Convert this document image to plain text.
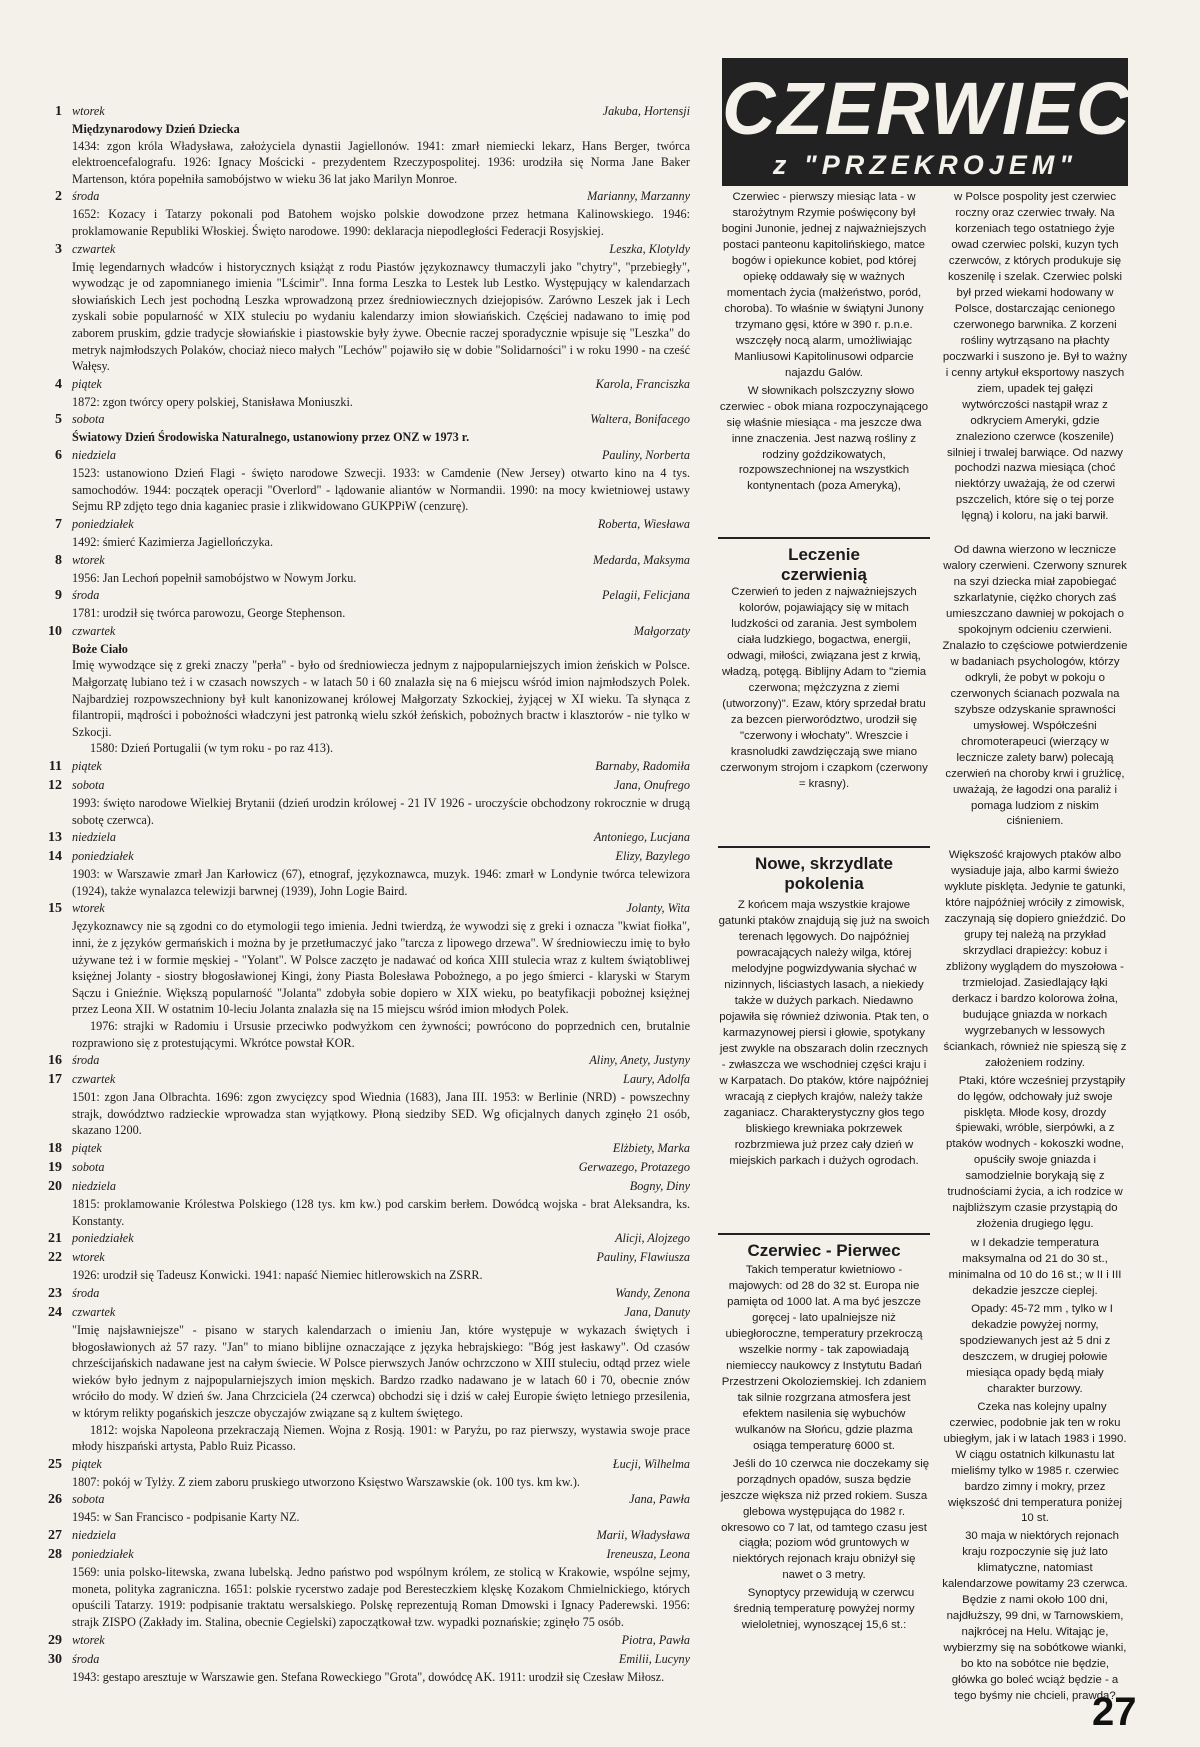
1 wtorek	Jakuba, Hortensji
Międzynarodowy Dzień Dziecka

1434: zgon króla Władysława, założyciela dynastii Jagiellonów. 1941: zmarł niemiecki lekarz, Hans Berger, twórca elektroencefalografu. 1926: Ignacy Mościcki - prezydentem Rzeczypospolitej. 1936: urodziła się Norma Jane Baker Martenson, która popełniła samobójstwo w wieku 36 lat jako Marilyn Monroe.

2 środa	Marianny, Marzanny

1652: Kozacy i Tatarzy pokonali pod Batohem wojsko polskie dowodzone przez hetmana Kalinowskiego. 1946: proklamowanie Republiki Włoskiej. Święto narodowe. 1990: deklaracja niepodległości Federacji Rosyjskiej.

3 czwartek	Leszka, Klotyldy

Imię legendarnych władców i historycznych książąt z rodu Piastów językoznawcy tłumaczyli jako "chytry", "przebiegły", wywodząc je od zapomnianego imienia "Lścimir". Inna forma Leszka to Lestek lub Lestko. Występujący w kalendarzach słowiańskich Lech jest pochodną Leszka wprowadzoną przez średniowiecznych dziejopisów. Zarówno Leszek jak i Lech zyskali sobie popularność w XIX stuleciu po wydaniu kalendarzy imion słowiańskich. Częściej nadawano to imię pod zaborem pruskim, gdzie tradycje słowiańskie i piastowskie były żywe. Obecnie raczej sporadycznie wpisuje się "Leszka" do metryk najmłodszych Polaków, chociaż nieco małych "Lechów" pojawiło się w dobie "Solidarności" i w roku 1990 - na cześć Wałęsy.

4 piątek	Karola, Franciszka

1872: zgon twórcy opery polskiej, Stanisława Moniuszki.

5 sobota	Waltera, Bonifacego
Światowy Dzień Środowiska Naturalnego, ustanowiony przez ONZ w 1973 r.
6 niedziela	Pauliny, Norberta

1523: ustanowiono Dzień Flagi - święto narodowe Szwecji. 1933: w Camdenie (New Jersey) otwarto kino na 4 tys. samochodów. 1944: początek operacji "Overlord" - lądowanie aliantów w Normandii. 1990: na mocy kwietniowej ustawy Sejmu RP zdjęto tego dnia kaganiec prasie i zlikwidowano GUKPPiW (cenzurę).

7 poniedziałek	Roberta, Wiesława

1492: śmierć Kazimierza Jagiellończyka.

8 wtorek	Medarda, Maksyma

1956: Jan Lechoń popełnił samobójstwo w Nowym Jorku.

9 środa	Pelagii, Felicjana

1781: urodził się twórca parowozu, George Stephenson.

10 czwartek	Małgorzaty
Boże Ciało

Imię wywodzące się z greki znaczy "perła" - było od średniowiecza jednym z najpopularniejszych imion żeńskich w Polsce. Małgorzatę lubiano też i w czasach nowszych - w latach 50 i 60 znalazła się na 6 miejscu wśród imion najmłodszych Polek. Najbardziej rozpowszechniony był kult kanonizowanej królowej Małgorzaty Szkockiej, żyjącej w XI wieku. Ta słynąca z filantropii, mądrości i pobożności władczyni jest patronką wielu szkół żeńskich, pobożnych bractw i klasztorów - nie tylko w Szkocji.

1580: Dzień Portugalii (w tym roku - po raz 413).

11 piątek	Barnaby, Radomiła
12 sobota	Jana, Onufrego

1993: święto narodowe Wielkiej Brytanii (dzień urodzin królowej - 21 IV 1926 - uroczyście obchodzony rokrocznie w drugą sobotę czerwca).

13 niedziela	Antoniego, Lucjana
14 poniedziałek	Elizy, Bazylego

1903: w Warszawie zmarł Jan Karłowicz (67), etnograf, językoznawca, muzyk. 1946: zmarł w Londynie twórca telewizora (1924), także wynalazca telewizji barwnej (1939), John Logie Baird.

15 wtorek	Jolanty, Wita

Językoznawcy nie są zgodni co do etymologii tego imienia. Jedni twierdzą, że wywodzi się z greki i oznacza "kwiat fiołka", inni, że z języków germańskich i można by je przetłumaczyć jako "tarcza z lipowego drzewa". W średniowieczu imię to było używane też i w formie męskiej - "Yolant". W Polsce zaczęto je nadawać od końca XIII stulecia wraz z kultem świątobliwej księżnej Jolanty - siostry błogosławionej Kingi, żony Piasta Bolesława Pobożnego, a po jego śmierci - klaryski w Starym Sączu i Gnieźnie. Większą popularność "Jolanta" zdobyła sobie dopiero w XIX wieku, po beatyfikacji pobożnej księżnej przez Leona XII. W ostatnim 10-leciu Jolanta znalazła się na 15 miejscu wśród imion młodych Polek.

1976: strajki w Radomiu i Ursusie przeciwko podwyżkom cen żywności; powrócono do poprzednich cen, brutalnie rozprawiono się z protestującymi. Wkrótce powstał KOR.

16 środa	Aliny, Anety, Justyny
17 czwartek	Laury, Adolfa

1501: zgon Jana Olbrachta. 1696: zgon zwycięzcy spod Wiednia (1683), Jana III. 1953: w Berlinie (NRD) - powszechny strajk, dowództwo radzieckie wprowadza stan wyjątkowy. Płoną siedziby SED. Wg oficjalnych danych zginęło 21 osób, skazano 1200.

18 piątek	Elżbiety, Marka
19 sobota	Gerwazego, Protazego
20 niedziela	Bogny, Diny

1815: proklamowanie Królestwa Polskiego (128 tys. km kw.) pod carskim berłem. Dowódcą wojska - brat Aleksandra, ks. Konstanty.

21 poniedziałek	Alicji, Alojzego
22 wtorek	Pauliny, Flawiusza

1926: urodził się Tadeusz Konwicki. 1941: napaść Niemiec hitlerowskich na ZSRR.

23 środa	Wandy, Zenona
24 czwartek	Jana, Danuty

"Imię najsławniejsze" - pisano w starych kalendarzach o imieniu Jan, które występuje w wykazach świętych i błogosławionych aż 57 razy. "Jan" to miano biblijne oznaczające z języka hebrajskiego: "Bóg jest łaskawy". Od czasów chrześcijańskich nadawane jest na całym świecie. W Polsce pierwszych Janów ochrzczono w XIII stuleciu, odtąd przez wiele wieków było jednym z najpopularniejszych imion męskich. Bardzo rzadko nadawano je w latach 60 i 70, obecnie znów wróciło do mody. W dzień św. Jana Chrzciciela (24 czerwca) obchodzi się i dziś w całej Europie święto letniego przesilenia, w którym relikty pogańskich jeszcze obyczajów związane są z kultem świętego.

1812: wojska Napoleona przekraczają Niemen. Wojna z Rosją. 1901: w Paryżu, po raz pierwszy, wystawia swoje prace młody hiszpański artysta, Pablo Ruiz Picasso.

25 piątek	Łucji, Wilhelma

1807: pokój w Tylży. Z ziem zaboru pruskiego utworzono Księstwo Warszawskie (ok. 100 tys. km kw.).

26 sobota	Jana, Pawła

1945: w San Francisco - podpisanie Karty NZ.

27 niedziela	Marii, Władysława
28 poniedziałek	Ireneusza, Leona

1569: unia polsko-litewska, zwana lubelską. Jedno państwo pod wspólnym królem, ze stolicą w Krakowie, wspólne sejmy, moneta, polityka zagraniczna. 1651: polskie rycerstwo zadaje pod Beresteczkiem klęskę Kozakom Chmielnickiego, których opuścili Tatarzy. 1919: podpisanie traktatu wersalskiego. Polskę reprezentują Roman Dmowski i Ignacy Paderewski. 1956: strajk ZISPO (Zakłady im. Stalina, obecnie Cegielski) zapoczątkował tzw. wypadki poznańskie; zginęło 75 osób.

29 wtorek	Piotra, Pawła
30 środa	Emilii, Lucyny

1943: gestapo aresztuje w Warszawie gen. Stefana Roweckiego "Grota", dowódcę AK. 1911: urodził się Czesław Miłosz.

CZERWIEC
z "PRZEKROJEM"

Czerwiec - pierwszy miesiąc lata - w starożytnym Rzymie poświęcony był bogini Junonie, jednej z najważniejszych postaci panteonu kapitolińskiego, matce bogów i opiekunce kobiet, pod której opiekę oddawały się w ważnych momentach życia (małżeństwo, poród, choroba). To właśnie w świątyni Junony trzymano gęsi, które w 390 r. p.n.e. wszczęły nocą alarm, umożliwiając Manliusowi Kapitolinusowi odparcie najazdu Galów.

W słownikach polszczyzny słowo czerwiec - obok miana rozpoczynającego się właśnie miesiąca - ma jeszcze dwa inne znaczenia. Jest nazwą rośliny z rodziny goździkowatych, rozpowszechnionej na wszystkich kontynentach (poza Ameryką),

w Polsce pospolity jest czerwiec roczny oraz czerwiec trwały. Na korzeniach tego ostatniego żyje owad czerwiec polski, kuzyn tych czerwców, z których produkuje się koszenilę i szelak. Czerwiec polski był przed wiekami hodowany w Polsce, dostarczając cenionego czerwonego barwnika. Z korzeni rośliny wytrząsano na płachty poczwarki i suszono je. Był to ważny i cenny artykuł eksportowy naszych ziem, upadek tej gałęzi wytwórczości nastąpił wraz z odkryciem Ameryki, gdzie znaleziono czerwce (koszenile) silniej i trwalej barwiące. Od nazwy pochodzi nazwa miesiąca (choć niektórzy uważają, że od czerwi pszczelich, które się o tej porze lęgną) i koloru, na jaki barwił.

Leczenie
czerwienią

Czerwień to jeden z najważniejszych kolorów, pojawiający się w mitach ludzkości od zarania. Jest symbolem ciała ludzkiego, bogactwa, energii, odwagi, miłości, związana jest z krwią, władzą, potęgą. Biblijny Adam to "ziemia czerwona; mężczyzna z ziemi (utworzony)". Ezaw, który sprzedał bratu za bezcen pierworództwo, urodził się "czerwony i włochaty". Wreszcie i krasnoludki zawdzięczają swe miano czerwonym strojom i czapkom (czerwony = krasny).

Od dawna wierzono w lecznicze walory czerwieni. Czerwony sznurek na szyi dziecka miał zapobiegać szkarlatynie, ciężko chorych zaś umieszczano dawniej w pokojach o spokojnym odcieniu czerwieni. Znalazło to częściowe potwierdzenie w badaniach psychologów, którzy odkryli, że pobyt w pokoju o czerwonych ścianach pozwala na szybsze odzyskanie sprawności umysłowej. Współcześni chromoterapeuci (wierzący w lecznicze zalety barw) polecają czerwień na choroby krwi i grużlicę, uważają, że łagodzi ona paraliż i pomaga ludziom z niskim ciśnieniem.

Nowe, skrzydlate
pokolenia

Z końcem maja wszystkie krajowe gatunki ptaków znajdują się już na swoich terenach lęgowych. Do najpóźniej powracających należy wilga, której melodyjne pogwizdywania słychać w nizinnych, liściastych lasach, a niekiedy także w dużych parkach. Niedawno pojawiła się również dziwonia. Ptak ten, o karmazynowej piersi i głowie, spotykany jest zwykle na obszarach dolin rzecznych - zwłaszcza we wschodniej części kraju i w Karpatach. Do ptaków, które najpóźniej wracają z ciepłych krajów, należy także zaganiacz. Charakterystyczny głos tego bliskiego krewniaka pokrzewek rozbrzmiewa już przez cały dzień w miejskich parkach i dużych ogrodach.

Większość krajowych ptaków albo wysiaduje jaja, albo karmi świeżo wyklute pisklęta. Jedynie te gatunki, które najpóźniej wróciły z zimowisk, zaczynają się dopiero gnieździć. Do grupy tej należą na przykład skrzydlaci drapieżcy: kobuz i zbliżony wyglądem do myszołowa - trzmielojad. Zasiedlający łąki derkacz i bardzo kolorowa żołna, budujące gniazda w norkach wygrzebanych w lessowych ściankach, również nie spieszą się z założeniem rodziny.

Ptaki, które wcześniej przystąpiły do lęgów, odchowały już swoje pisklęta. Młode kosy, drozdy śpiewaki, wróble, sierpówki, a z ptaków wodnych - kokoszki wodne, opuściły swoje gniazda i samodzielnie borykają się z trudnościami życia, a ich rodzice w najbliższym czasie przystąpią do złożenia drugiego lęgu.

Czerwiec - Pierwec

Takich temperatur kwietniowo - majowych: od 28 do 32 st. Europa nie pamięta od 1000 lat. A ma być jeszcze goręcej - lato upalniejsze niż ubiegłoroczne, temperatury przekroczą wszelkie normy - tak zapowiadają niemieccy naukowcy z Instytutu Badań Przestrzeni Okoloziemskiej. Ich zdaniem tak silnie rozgrzana atmosfera jest efektem nasilenia się wybuchów wulkanów na Słońcu, gdzie plazma osiąga temperaturę 6000 st.

Jeśli do 10 czerwca nie doczekamy się porządnych opadów, susza będzie jeszcze większa niż przed rokiem. Susza glebowa występująca do 1982 r. okresowo co 7 lat, od tamtego czasu jest ciągła; poziom wód gruntowych w niektórych rejonach kraju obniżył się nawet o 3 metry.

Synoptycy przewidują w czerwcu średnią temperaturę powyżej normy wieloletniej, wynoszącej 15,6 st.:

w I dekadzie temperatura maksymalna od 21 do 30 st., minimalna od 10 do 16 st.; w II i III dekadzie jeszcze cieplej.

Opady: 45-72 mm , tylko w I dekadzie powyżej normy, spodziewanych jest aż 5 dni z deszczem, w drugiej połowie miesiąca opady będą miały charakter burzowy.

Czeka nas kolejny upalny czerwiec, podobnie jak ten w roku ubiegłym, jak i w latach 1983 i 1990. W ciągu ostatnich kilkunastu lat mieliśmy tylko w 1985 r. czerwiec bardzo zimny i mokry, przez większość dni temperatura poniżej 10 st.

30 maja w niektórych rejonach kraju rozpoczynie się już lato klimatyczne, natomiast kalendarzowe powitamy 23 czerwca. Będzie z nami około 100 dni, najdłuższy, 99 dni, w Tarnowskiem, najkrócej na Helu. Witając je, wybierzmy się na sobótkowe wianki, bo kto na sobótce nie będzie, główka go boleć wciąż będzie - a tego byśmy nie chcieli, prawda?

27
